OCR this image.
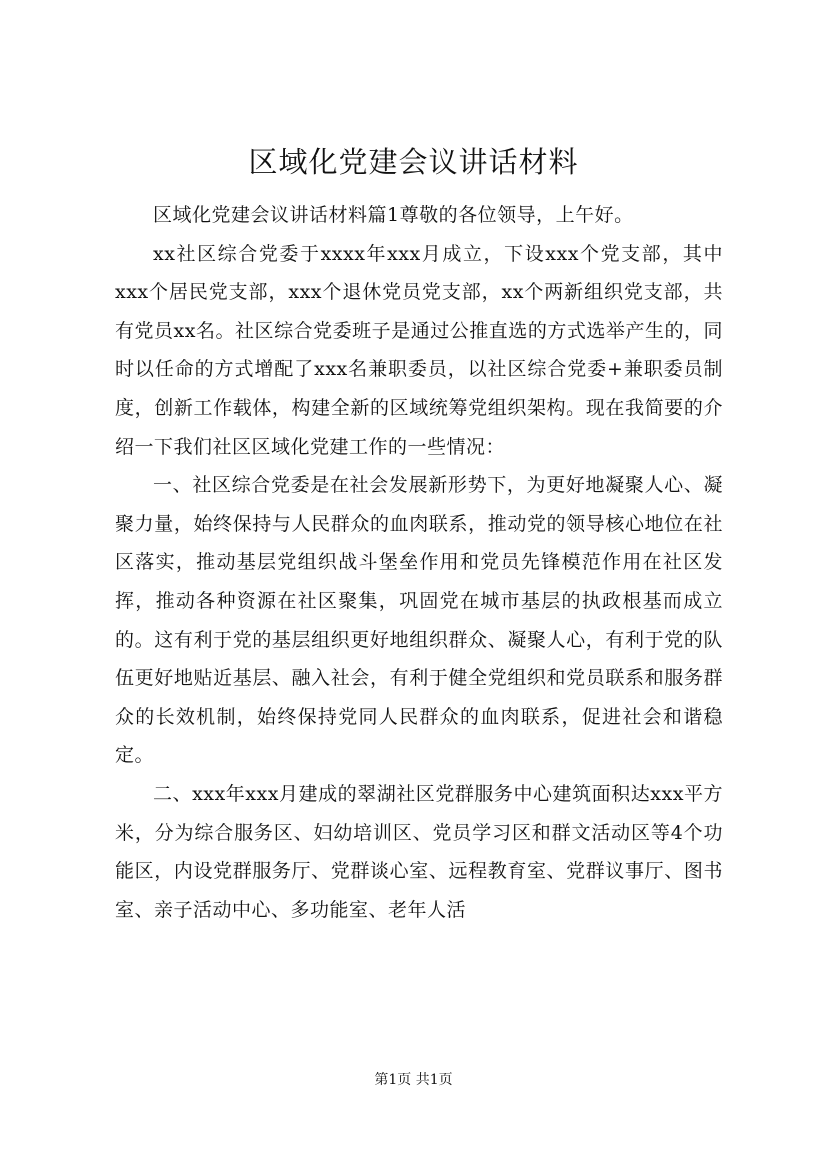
区域化党建会议讲话材料

区域化党建会议讲话材料篇1尊敬的各位领导，上午好。

xx社区综合党委于xxxx年xxx月成立，下设xxx个党支部，其中xxx个居民党支部，xxx个退休党员党支部，xx个两新组织党支部，共有党员xx名。社区综合党委班子是通过公推直选的方式选举产生的，同时以任命的方式增配了xxx名兼职委员，以社区综合党委+兼职委员制度，创新工作载体，构建全新的区域统筹党组织架构。现在我简要的介绍一下我们社区区域化党建工作的一些情况：

一、社区综合党委是在社会发展新形势下，为更好地凝聚人心、凝聚力量，始终保持与人民群众的血肉联系，推动党的领导核心地位在社区落实，推动基层党组织战斗堡垒作用和党员先锋模范作用在社区发挥，推动各种资源在社区聚集，巩固党在城市基层的执政根基而成立的。这有利于党的基层组织更好地组织群众、凝聚人心，有利于党的队伍更好地贴近基层、融入社会，有利于健全党组织和党员联系和服务群众的长效机制，始终保持党同人民群众的血肉联系，促进社会和谐稳定。

二、xxx年xxx月建成的翠湖社区党群服务中心建筑面积达xxx平方米，分为综合服务区、妇幼培训区、党员学习区和群文活动区等4个功能区，内设党群服务厅、党群谈心室、远程教育室、党群议事厅、图书室、亲子活动中心、多功能室、老年人活

第1页 共1页
